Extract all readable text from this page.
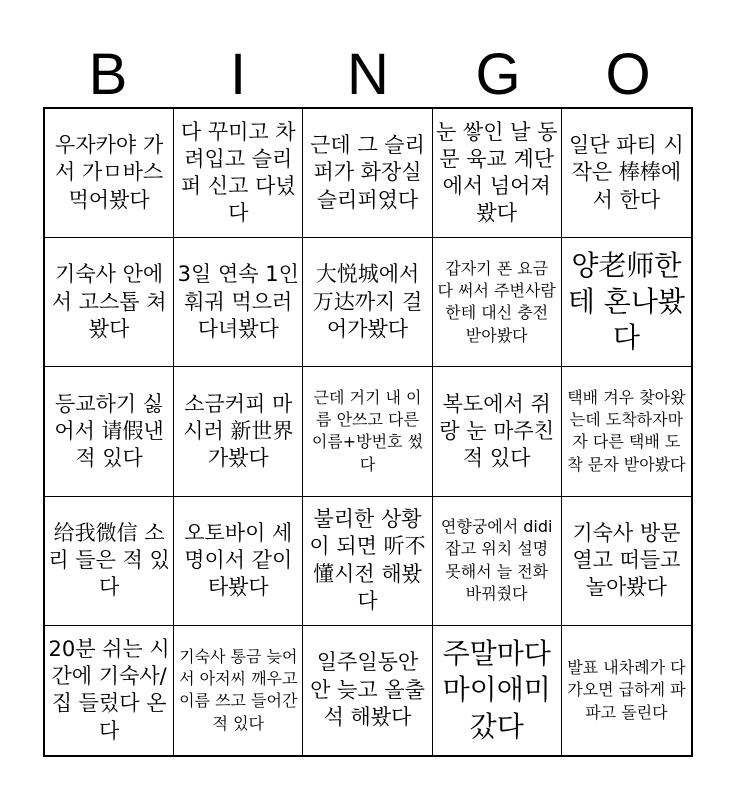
B	I	N	G	O
우자카야 가서 가ㅁ바스 먹어봤다
다 꾸미고 차려입고 슬리퍼 신고 다녔다
근데 그 슬리퍼가 화장실 슬리퍼였다
눈 쌓인 날 동문 육교 계단에서 넘어져봤다
일단 파티 시작은 棒棒에서 한다
기숙사 안에서 고스톱 쳐봤다
3일 연속 1인훠궈 먹으러 다녀봤다
大悦城에서 万达까지 걸어가봤다
갑자기 폰 요금 다 써서 주변사람한테 대신 충전 받아봤다
양老师한테 혼나봤다
등교하기 싫어서 请假낸적 있다
소금커피 마시러 新世界 가봤다
근데 거기 내 이름 안쓰고 다른 이름+방번호 썼다
복도에서 쥐랑 눈 마주친 적 있다
택배 겨우 찾아왔는데 도착하자마자 다른 택배 도착 문자 받아봤다
给我微信 소리 들은 적 있다
오토바이 세명이서 같이 타봤다
불리한 상황이 되면 听不懂시전 해봤다
연향궁에서 didi 잡고 위치 설명 못해서 늘 전화 바꿔줬다
기숙사 방문 열고 떠들고 놀아봤다
20분 쉬는 시간에 기숙사/집 들렀다 온다
기숙사 통금 늦어서 아저씨 깨우고 이름 쓰고 들어간 적 있다
일주일동안 안 늦고 올출석 해봤다
주말마다 마이애미 갔다
발표 내차례가 다가오면 급하게 파파고 돌린다
